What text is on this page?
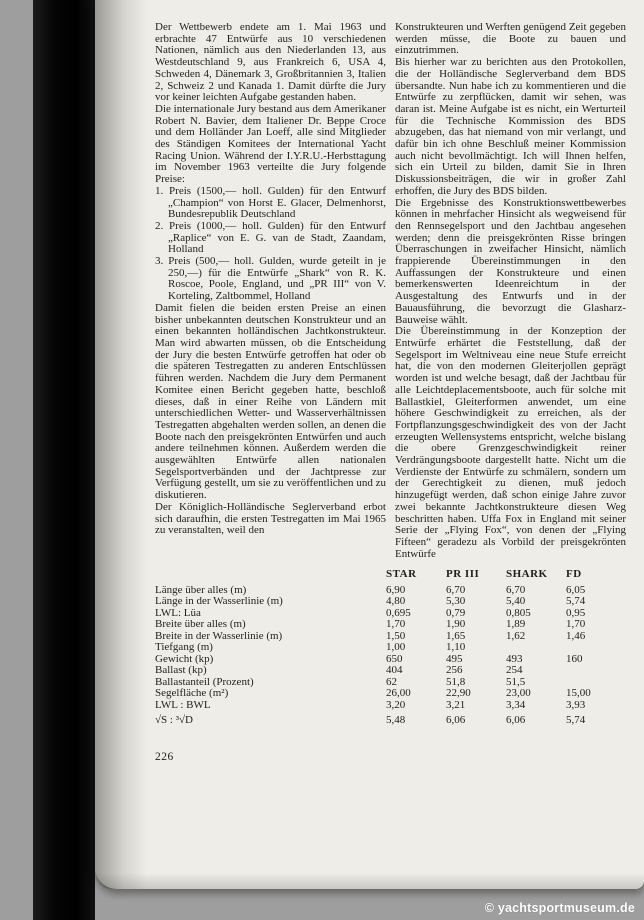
Der Wettbewerb endete am 1. Mai 1963 und erbrachte 47 Entwürfe aus 10 verschiedenen Nationen, nämlich aus den Niederlanden 13, aus Westdeutschland 9, aus Frankreich 6, USA 4, Schweden 4, Dänemark 3, Großbritannien 3, Italien 2, Schweiz 2 und Kanada 1. Damit dürfte die Jury vor keiner leichten Aufgabe gestanden haben.

Die internationale Jury bestand aus dem Amerikaner Robert N. Bavier, dem Italiener Dr. Beppe Croce und dem Holländer Jan Loeff, alle sind Mitglieder des Ständigen Komitees der International Yacht Racing Union. Während der I.Y.R.U.-Herbsttagung im November 1963 verteilte die Jury folgende Preise:

1. Preis (1500,— holl. Gulden) für den Entwurf „Champion“ von Horst E. Glacer, Delmenhorst, Bundesrepublik Deutschland

2. Preis (1000,— holl. Gulden) für den Entwurf „Raplice“ von E. G. van de Stadt, Zaandam, Holland

3. Preis (500,— holl. Gulden, wurde geteilt in je 250,—) für die Entwürfe „Shark“ von R. K. Roscoe, Poole, England, und „PR III“ von V. Korteling, Zaltbommel, Holland

Damit fielen die beiden ersten Preise an einen bisher unbekannten deutschen Konstrukteur und an einen bekannten holländischen Jachtkonstrukteur. Man wird abwarten müssen, ob die Entscheidung der Jury die besten Entwürfe getroffen hat oder ob die späteren Testregatten zu anderen Entschlüssen führen werden. Nachdem die Jury dem Permanent Komitee einen Bericht gegeben hatte, beschloß dieses, daß in einer Reihe von Ländern mit unterschiedlichen Wetter- und Wasserverhältnissen Testregatten abgehalten werden sollen, an denen die Boote nach den preisgekrönten Entwürfen und auch andere teilnehmen können. Außerdem werden die ausgewählten Entwürfe allen nationalen Segelsportverbänden und der Jachtpresse zur Verfügung gestellt, um sie zu veröffentlichen und zu diskutieren.

Der Königlich-Holländische Seglerverband erbot sich daraufhin, die ersten Testregatten im Mai 1965 zu veranstalten, weil den

Konstrukteuren und Werften genügend Zeit gegeben werden müsse, die Boote zu bauen und einzutrimmen.

Bis hierher war zu berichten aus den Protokollen, die der Holländische Seglerverband dem BDS übersandte. Nun habe ich zu kommentieren und die Entwürfe zu zerpflücken, damit wir sehen, was daran ist. Meine Aufgabe ist es nicht, ein Werturteil für die Technische Kommission des BDS abzugeben, das hat niemand von mir verlangt, und dafür bin ich ohne Beschluß meiner Kommission auch nicht bevollmächtigt. Ich will Ihnen helfen, sich ein Urteil zu bilden, damit Sie in Ihren Diskussionsbeiträgen, die wir in großer Zahl erhoffen, die Jury des BDS bilden.

Die Ergebnisse des Konstruktionswettbewerbes können in mehrfacher Hinsicht als wegweisend für den Rennsegelsport und den Jachtbau angesehen werden; denn die preisgekrönten Risse bringen Überraschungen in zweifacher Hinsicht, nämlich frappierende Übereinstimmungen in den Auffassungen der Konstrukteure und einen bemerkenswerten Ideenreichtum in der Ausgestaltung des Entwurfs und in der Bauausführung, die bevorzugt die Glasharz-Bauweise wählt.

Die Übereinstimmung in der Konzeption der Entwürfe erhärtet die Feststellung, daß der Segelsport im Weltniveau eine neue Stufe erreicht hat, die von den modernen Gleiterjollen geprägt worden ist und welche besagt, daß der Jachtbau für alle Leichtdeplacementsboote, auch für solche mit Ballastkiel, Gleiterformen anwendet, um eine höhere Geschwindigkeit zu erreichen, als der Fortpflanzungsgeschwindigkeit des von der Jacht erzeugten Wellensystems entspricht, welche bislang die obere Grenzgeschwindigkeit reiner Verdrängungsboote dargestellt hatte. Nicht um die Verdienste der Entwürfe zu schmälern, sondern um der Gerechtigkeit zu dienen, muß jedoch hinzugefügt werden, daß schon einige Jahre zuvor zwei bekannte Jachtkonstrukteure diesen Weg beschritten haben. Uffa Fox in England mit seiner Serie der „Flying Fox“, von denen der „Flying Fifteen“ geradezu als Vorbild der preisgekrönten Entwürfe

	STAR	PR III	SHARK	FD
Länge über alles (m)	6,90	6,70	6,70	6,05
Länge in der Wasserlinie (m)	4,80	5,30	5,40	5,74
LWL: Lüa	0,695	0,79	0,805	0,95
Breite über alles (m)	1,70	1,90	1,89	1,70
Breite in der Wasserlinie (m)	1,50	1,65	1,62	1,46
Tiefgang (m)	1,00	1,10		
Gewicht (kp)	650	495	493	160
Ballast (kp)	404	256	254	
Ballastanteil (Prozent)	62	51,8	51,5	
Segelfläche (m²)	26,00	22,90	23,00	15,00
LWL : BWL	3,20	3,21	3,34	3,93
√S : ³√D	5,48	6,06	6,06	5,74
226
© yachtsportmuseum.de
